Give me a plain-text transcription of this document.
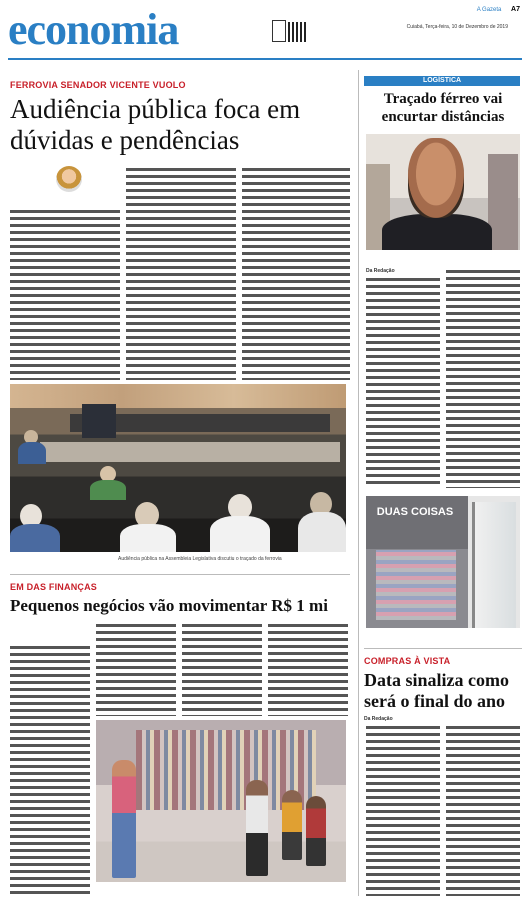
economia	A Gazeta A7
Cuiabá, Terça-feira, 10 de Dezembro de 2019
FERROVIA SENADOR VICENTE VUOLO
Audiência pública foca em dúvidas e pendências
Audiência pública na Assembleia Legislativa discutiu o traçado da ferrovia
EM DAS FINANÇAS
Pequenos negócios vão movimentar R$ 1 mi
LOGÍSTICA
Traçado férreo vai encurtar distâncias
Da Redação
DUAS COISAS
COMPRAS À VISTA
Data sinaliza como será o final do ano
Da Redação
